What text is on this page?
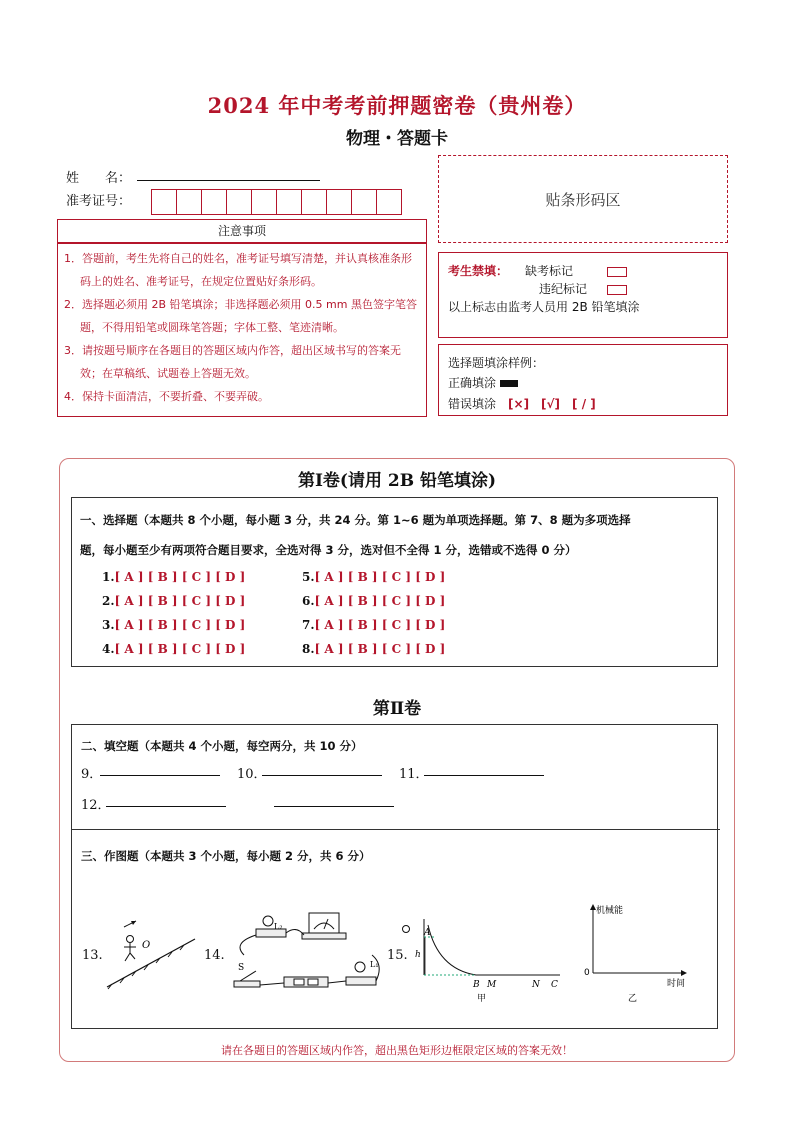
2024 年中考考前押题密卷（贵州卷）
物理・答题卡
姓　　名：
准考证号：	贴条形码区
注意事项

1．答题前，考生先将自己的姓名，准考证号填写清楚，并认真核准条形码上的姓名、准考证号，在规定位置贴好条形码。

2．选择题必须用 2B 铅笔填涂；非选择题必须用 0.5 mm 黑色签字笔答题，不得用铅笔或圆珠笔答题；字体工整、笔迹清晰。

3．请按题号顺序在各题目的答题区域内作答，超出区域书写的答案无效；在草稿纸、试题卷上答题无效。

4．保持卡面清洁，不要折叠、不要弄破。

考生禁填： 缺考标记
违纪标记
以上标志由监考人员用 2B 铅笔填涂
选择题填涂样例：
正确填涂
错误填涂　 [×]　[√]　[ / ]
第Ⅰ卷(请用 2B 铅笔填涂)
一、选择题（本题共 8 个小题，每小题 3 分，共 24 分。第 1~6 题为单项选择题。第 7、8 题为多项选择
题，每小题至少有两项符合题目要求，全选对得 3 分，选对但不全得 1 分，选错或不选得 0 分）
1.[ A ] [ B ] [ C ] [ D ]
2.[ A ] [ B ] [ C ] [ D ]
3.[ A ] [ B ] [ C ] [ D ]
4.[ A ] [ B ] [ C ] [ D ]
5.[ A ] [ B ] [ C ] [ D ]
6.[ A ] [ B ] [ C ] [ D ]
7.[ A ] [ B ] [ C ] [ D ]
8.[ A ] [ B ] [ C ] [ D ]
第Ⅱ卷
二、填空题（本题共 4 个小题，每空两分，共 10 分）
9．	10．	11．
12．
三、作图题（本题共 3 个小题，每小题 2 分，共 6 分）
13.	14.	15.
O
L₂
S	L₁
A
h
B M	N C
甲
机械能
0
时间
乙
请在各题目的答题区域内作答，超出黑色矩形边框限定区域的答案无效！
